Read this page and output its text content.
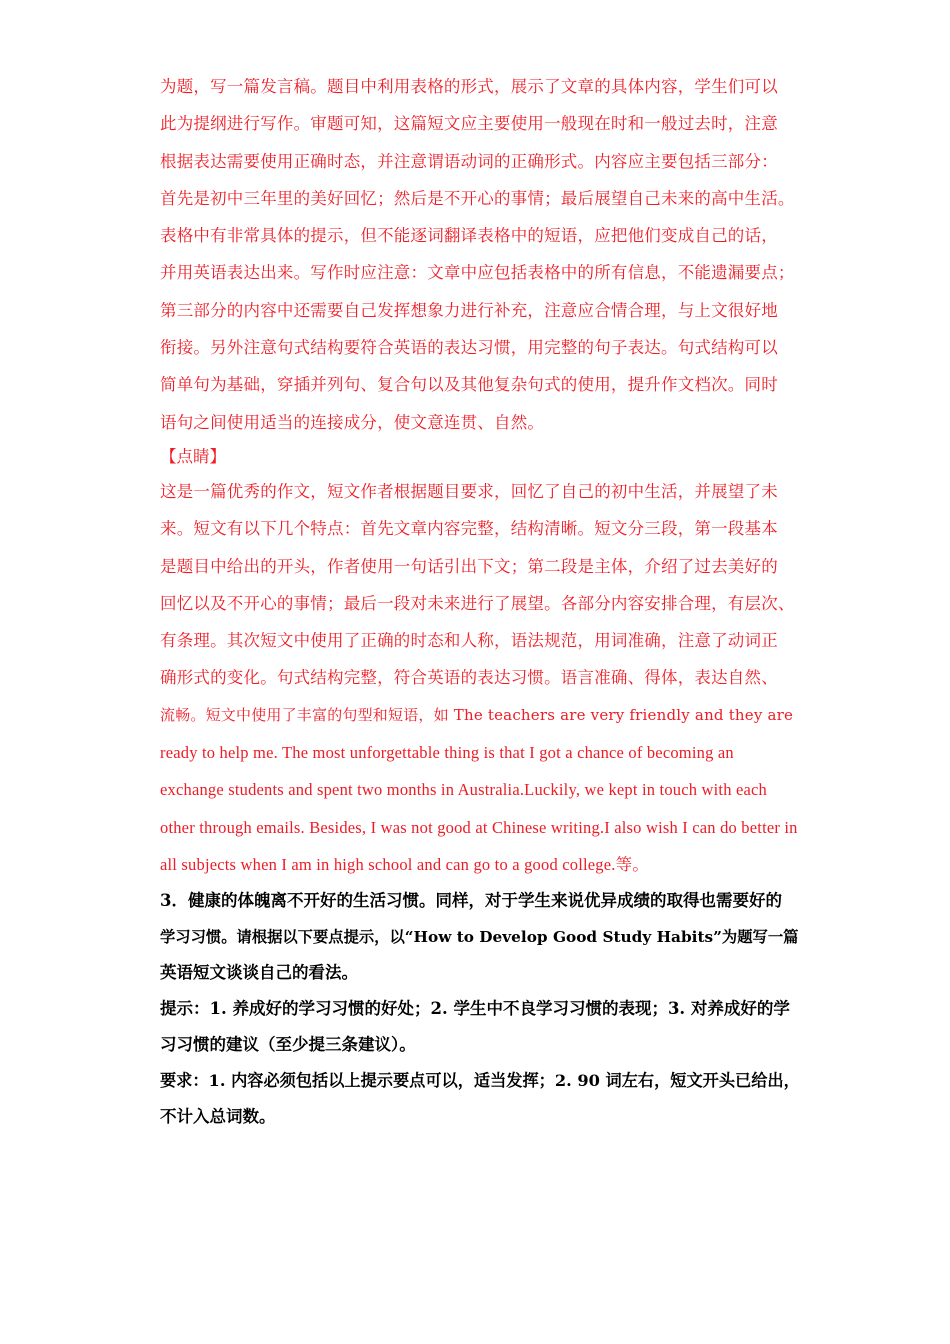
为题，写一篇发言稿。题目中利用表格的形式，展示了文章的具体内容，学生们可以
此为提纲进行写作。审题可知，这篇短文应主要使用一般现在时和一般过去时，注意
根据表达需要使用正确时态，并注意谓语动词的正确形式。内容应主要包括三部分：
首先是初中三年里的美好回忆；然后是不开心的事情；最后展望自己未来的高中生活。
表格中有非常具体的提示，但不能逐词翻译表格中的短语，应把他们变成自己的话，
并用英语表达出来。写作时应注意：文章中应包括表格中的所有信息，不能遗漏要点；
第三部分的内容中还需要自己发挥想象力进行补充，注意应合情合理，与上文很好地
衔接。另外注意句式结构要符合英语的表达习惯，用完整的句子表达。句式结构可以
简单句为基础，穿插并列句、复合句以及其他复杂句式的使用，提升作文档次。同时
语句之间使用适当的连接成分，使文意连贯、自然。
【点睛】
这是一篇优秀的作文，短文作者根据题目要求，回忆了自己的初中生活，并展望了未
来。短文有以下几个特点：首先文章内容完整，结构清晰。短文分三段，第一段基本
是题目中给出的开头，作者使用一句话引出下文；第二段是主体，介绍了过去美好的
回忆以及不开心的事情；最后一段对未来进行了展望。各部分内容安排合理，有层次、
有条理。其次短文中使用了正确的时态和人称，语法规范，用词准确，注意了动词正
确形式的变化。句式结构完整，符合英语的表达习惯。语言准确、得体，表达自然、
流畅。短文中使用了丰富的句型和短语，如 The teachers are very friendly and they are
ready to help me. The most unforgettable thing is that I got a chance of becoming an
exchange students and spent two months in Australia.Luckily, we kept in touch with each
other through emails. Besides, I was not good at Chinese writing.I also wish I can do better in
all subjects when I am in high school and can go to a good college.等。
3．健康的体魄离不开好的生活习惯。同样，对于学生来说优异成绩的取得也需要好的
学习习惯。请根据以下要点提示，以“How to Develop Good Study Habits”为题写一篇
英语短文谈谈自己的看法。
提示：1. 养成好的学习习惯的好处；2. 学生中不良学习习惯的表现；3. 对养成好的学
习习惯的建议（至少提三条建议）。
要求：1. 内容必须包括以上提示要点可以，适当发挥；2. 90 词左右，短文开头已给出，
不计入总词数。
